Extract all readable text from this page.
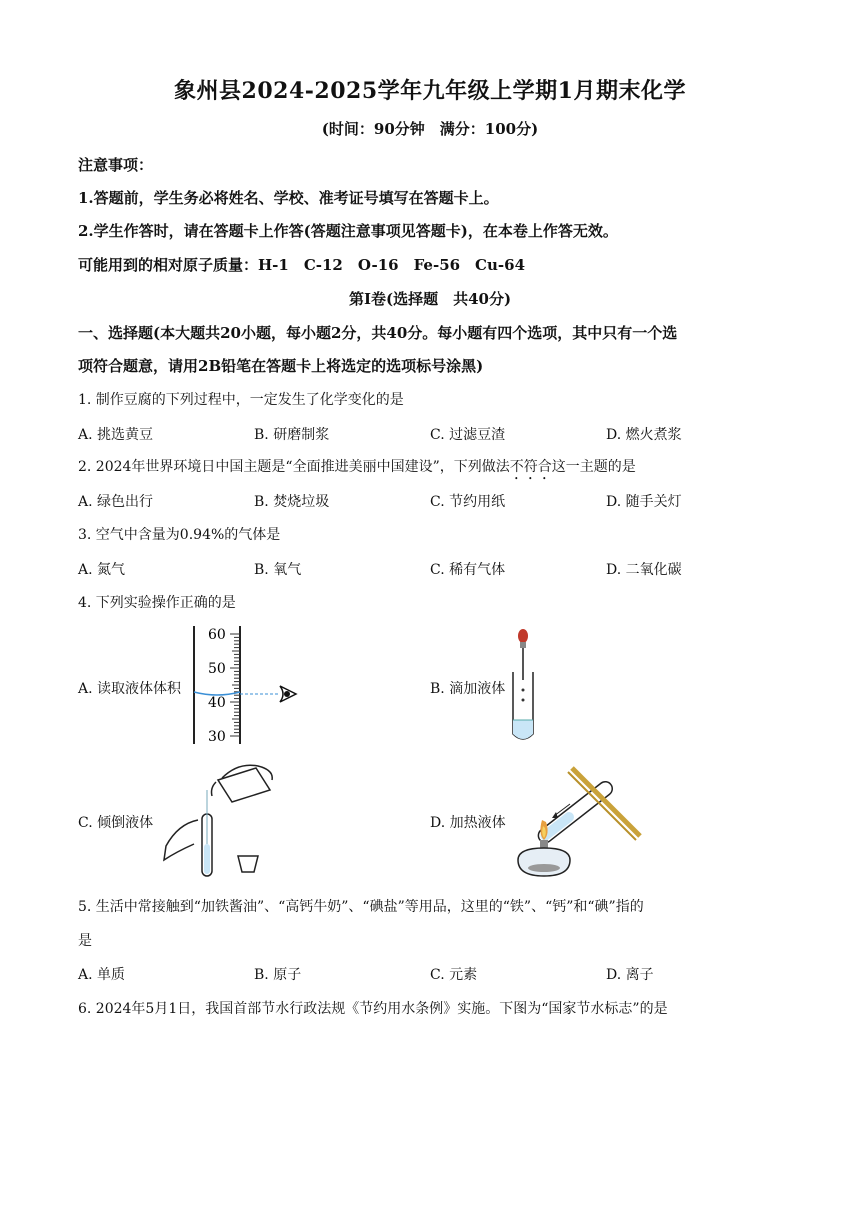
象州县2024-2025学年九年级上学期1月期末化学
(时间：90分钟　满分：100分)
注意事项：
1.答题前，学生务必将姓名、学校、准考证号填写在答题卡上。
2.学生作答时，请在答题卡上作答(答题注意事项见答题卡)，在本卷上作答无效。
可能用到的相对原子质量：H-1　C-12　O-16　Fe-56　Cu-64
第Ⅰ卷(选择题　共40分)
一、选择题(本大题共20小题，每小题2分，共40分。每小题有四个选项，其中只有一个选
项符合题意，请用2B铅笔在答题卡上将选定的选项标号涂黑)
1. 制作豆腐的下列过程中，一定发生了化学变化的是
A. 挑选黄豆	B. 研磨制浆	C. 过滤豆渣	D. 燃火煮浆
2. 2024年世界环境日中国主题是“全面推进美丽中国建设”，下列做法不符合这一主题的是
A. 绿色出行	B. 焚烧垃圾	C. 节约用纸	D. 随手关灯
3. 空气中含量为0.94%的气体是
A. 氮气	B. 氧气	C. 稀有气体	D. 二氧化碳
4. 下列实验操作正确的是
A. 读取液体体积
60
50
40
30
B. 滴加液体
C. 倾倒液体	D. 加热液体
5. 生活中常接触到“加铁酱油”、“高钙牛奶”、“碘盐”等用品，这里的“铁”、“钙”和“碘”指的
是
A. 单质	B. 原子	C. 元素	D. 离子
6. 2024年5月1日，我国首部节水行政法规《节约用水条例》实施。下图为“国家节水标志”的是
